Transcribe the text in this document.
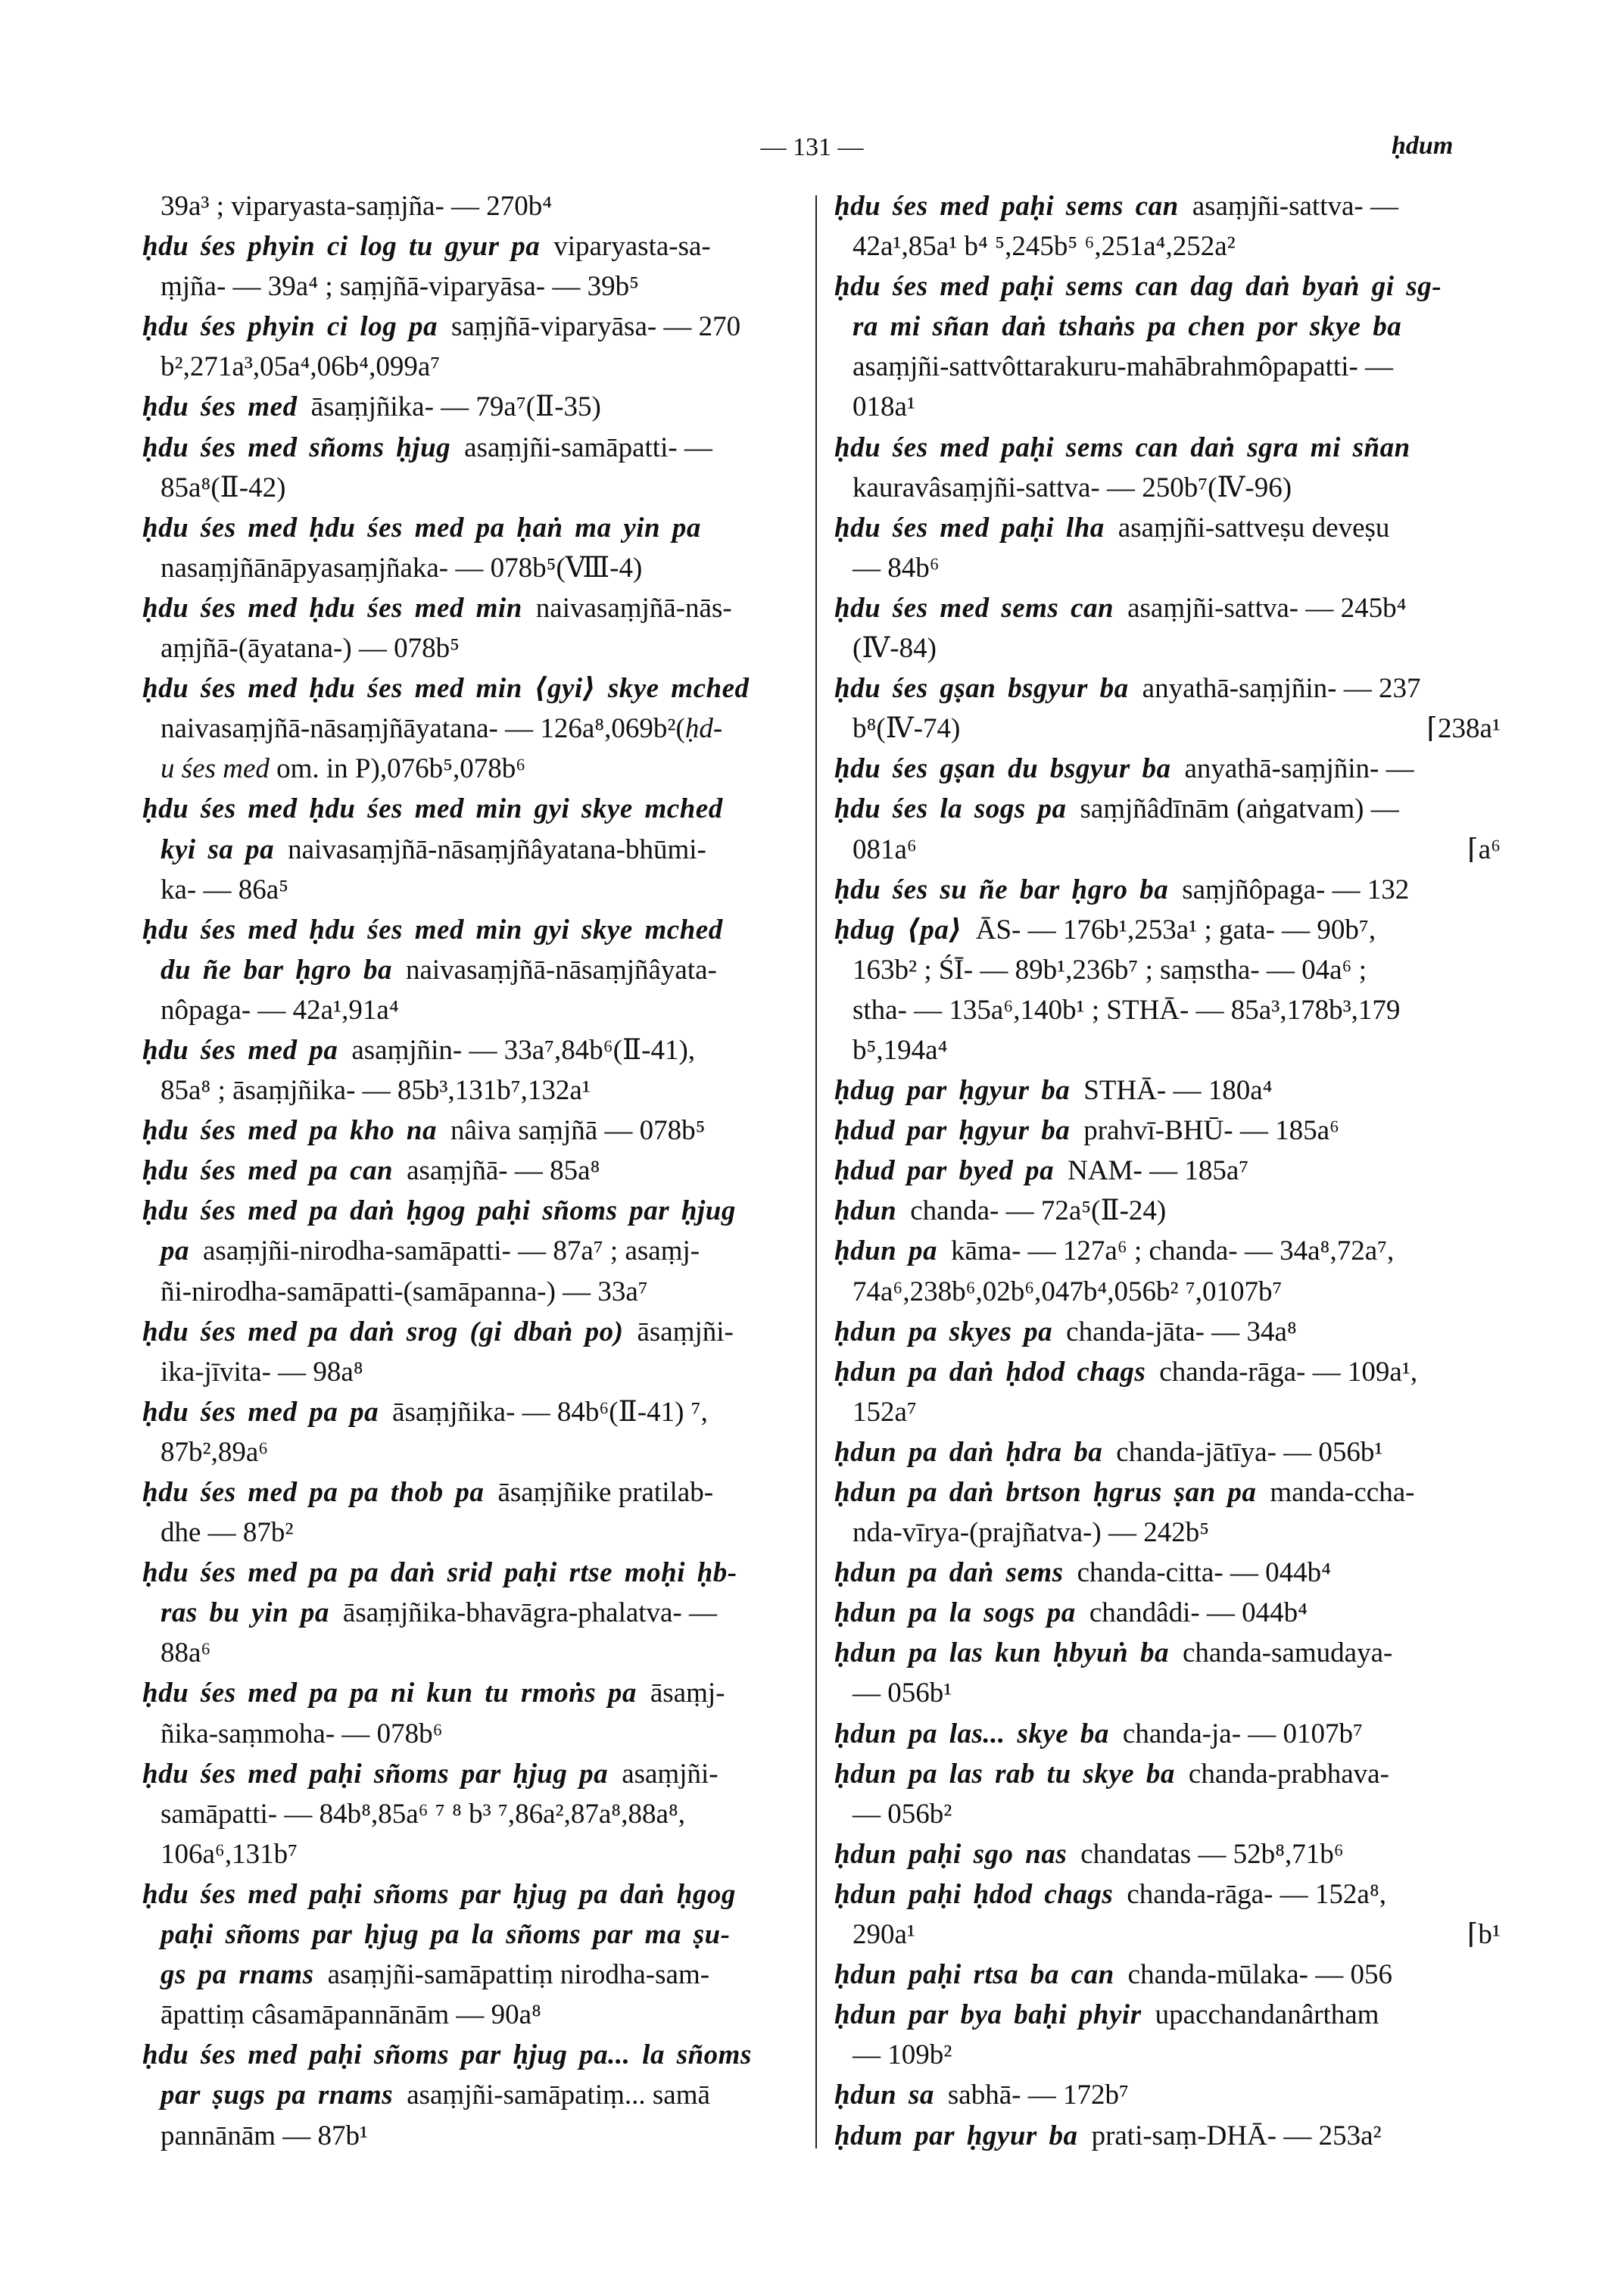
— 131 —	ḥdum
39a³ ; viparyasta-saṃjña- — 270b⁴
ḥdu śes phyin ci log tu gyur pa viparyasta-sa-
ṃjña- — 39a⁴ ; saṃjñā-viparyāsa- — 39b⁵
ḥdu śes phyin ci log pa saṃjñā-viparyāsa- — 270
b²,271a³,05a⁴,06b⁴,099a⁷
ḥdu śes med āsaṃjñika- — 79a⁷(Ⅱ-35)
ḥdu śes med sñoms ḥjug asaṃjñi-samāpatti- —
85a⁸(Ⅱ-42)
ḥdu śes med ḥdu śes med pa ḥaṅ ma yin pa
nasaṃjñānāpyasaṃjñaka- — 078b⁵(Ⅷ-4)
ḥdu śes med ḥdu śes med min naivasaṃjñā-nās-
aṃjñā-(āyatana-) — 078b⁵
ḥdu śes med ḥdu śes med min ⟨gyi⟩ skye mched
naivasaṃjñā-nāsaṃjñāyatana- — 126a⁸,069b²(ḥd-
u śes med om. in P),076b⁵,078b⁶
ḥdu śes med ḥdu śes med min gyi skye mched
kyi sa pa naivasaṃjñā-nāsaṃjñâyatana-bhūmi-
ka- — 86a⁵
ḥdu śes med ḥdu śes med min gyi skye mched
du ñe bar ḥgro ba naivasaṃjñā-nāsaṃjñâyata-
nôpaga- — 42a¹,91a⁴
ḥdu śes med pa asaṃjñin- — 33a⁷,84b⁶(Ⅱ-41),
85a⁸ ; āsaṃjñika- — 85b³,131b⁷,132a¹
ḥdu śes med pa kho na nâiva saṃjñā — 078b⁵
ḥdu śes med pa can asaṃjñā- — 85a⁸
ḥdu śes med pa daṅ ḥgog paḥi sñoms par ḥjug
pa asaṃjñi-nirodha-samāpatti- — 87a⁷ ; asaṃj-
ñi-nirodha-samāpatti-(samāpanna-) — 33a⁷
ḥdu śes med pa daṅ srog (gi dbaṅ po) āsaṃjñi-
ika-jīvita- — 98a⁸
ḥdu śes med pa pa āsaṃjñika- — 84b⁶(Ⅱ-41) ⁷,
87b²,89a⁶
ḥdu śes med pa pa thob pa āsaṃjñike pratilab-
dhe — 87b²
ḥdu śes med pa pa daṅ srid paḥi rtse moḥi ḥb-
ras bu yin pa āsaṃjñika-bhavāgra-phalatva- —
88a⁶
ḥdu śes med pa pa ni kun tu rmoṅs pa āsaṃj-
ñika-saṃmoha- — 078b⁶
ḥdu śes med paḥi sñoms par ḥjug pa asaṃjñi-
samāpatti- — 84b⁸,85a⁶ ⁷ ⁸ b³ ⁷,86a²,87a⁸,88a⁸,
106a⁶,131b⁷
ḥdu śes med paḥi sñoms par ḥjug pa daṅ ḥgog
paḥi sñoms par ḥjug pa la sñoms par ma ṣu-
gs pa rnams asaṃjñi-samāpattiṃ nirodha-sam-
āpattiṃ câsamāpannānām — 90a⁸
ḥdu śes med paḥi sñoms par ḥjug pa... la sñoms
par ṣugs pa rnams asaṃjñi-samāpatiṃ... samā
pannānām — 87b¹
ḥdu śes med paḥi sems can asaṃjñi-sattva- —
42a¹,85a¹ b⁴ ⁵,245b⁵ ⁶,251a⁴,252a²
ḥdu śes med paḥi sems can dag daṅ byaṅ gi sg-
ra mi sñan daṅ tshaṅs pa chen por skye ba
asaṃjñi-sattvôttarakuru-mahābrahmôpapatti- —
018a¹
ḥdu śes med paḥi sems can daṅ sgra mi sñan
kauravâsaṃjñi-sattva- — 250b⁷(Ⅳ-96)
ḥdu śes med paḥi lha asaṃjñi-sattveṣu deveṣu
— 84b⁶
ḥdu śes med sems can asaṃjñi-sattva- — 245b⁴
(Ⅳ-84)
ḥdu śes gṣan bsgyur ba anyathā-saṃjñin- — 237
b⁸(Ⅳ-74)	⌈238a¹
ḥdu śes gṣan du bsgyur ba anyathā-saṃjñin- —
ḥdu śes la sogs pa saṃjñâdīnām (aṅgatvam) —
081a⁶	⌈a⁶
ḥdu śes su ñe bar ḥgro ba saṃjñôpaga- — 132
ḥdug ⟨pa⟩ ĀS- — 176b¹,253a¹ ; gata- — 90b⁷,
163b² ; ŚĪ- — 89b¹,236b⁷ ; saṃstha- — 04a⁶ ;
stha- — 135a⁶,140b¹ ; STHĀ- — 85a³,178b³,179
b⁵,194a⁴
ḥdug par ḥgyur ba STHĀ- — 180a⁴
ḥdud par ḥgyur ba prahvī-BHŪ- — 185a⁶
ḥdud par byed pa NAM- — 185a⁷
ḥdun chanda- — 72a⁵(Ⅱ-24)
ḥdun pa kāma- — 127a⁶ ; chanda- — 34a⁸,72a⁷,
74a⁶,238b⁶,02b⁶,047b⁴,056b² ⁷,0107b⁷
ḥdun pa skyes pa chanda-jāta- — 34a⁸
ḥdun pa daṅ ḥdod chags chanda-rāga- — 109a¹,
152a⁷
ḥdun pa daṅ ḥdra ba chanda-jātīya- — 056b¹
ḥdun pa daṅ brtson ḥgrus ṣan pa manda-ccha-
nda-vīrya-(prajñatva-) — 242b⁵
ḥdun pa daṅ sems chanda-citta- — 044b⁴
ḥdun pa la sogs pa chandâdi- — 044b⁴
ḥdun pa las kun ḥbyuṅ ba chanda-samudaya-
— 056b¹
ḥdun pa las... skye ba chanda-ja- — 0107b⁷
ḥdun pa las rab tu skye ba chanda-prabhava-
— 056b²
ḥdun paḥi sgo nas chandatas — 52b⁸,71b⁶
ḥdun paḥi ḥdod chags chanda-rāga- — 152a⁸,
290a¹	⌈b¹
ḥdun paḥi rtsa ba can chanda-mūlaka- — 056
ḥdun par bya baḥi phyir upacchandanârtham
— 109b²
ḥdun sa sabhā- — 172b⁷
ḥdum par ḥgyur ba prati-saṃ-DHĀ- — 253a²
